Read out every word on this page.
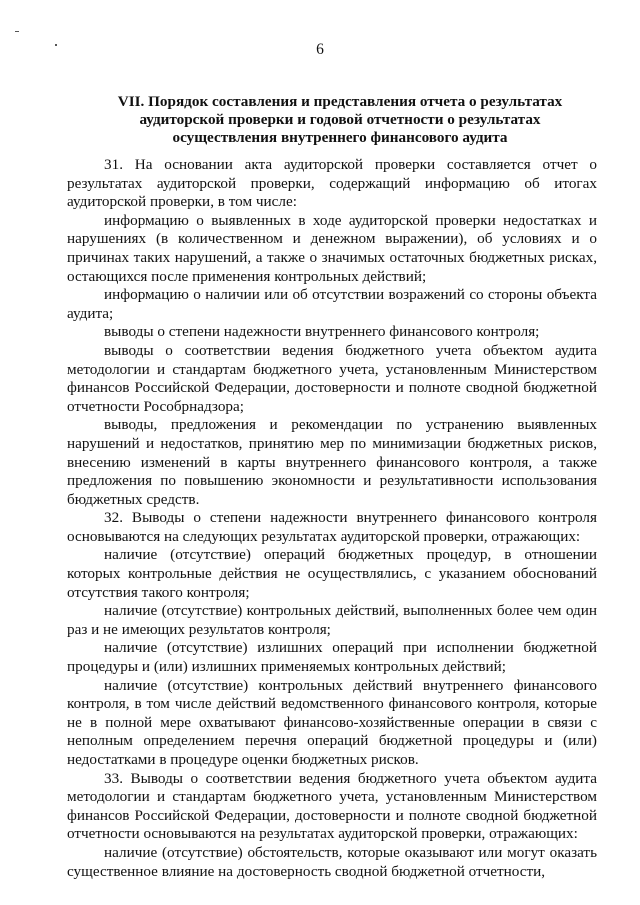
6
VII. Порядок составления и представления отчета о результатах
аудиторской проверки и годовой отчетности о результатах
осуществления внутреннего финансового аудита

31. На основании акта аудиторской проверки составляется отчет о результатах аудиторской проверки, содержащий информацию об итогах аудиторской проверки, в том числе:

информацию о выявленных в ходе аудиторской проверки недостатках и нарушениях (в количественном и денежном выражении), об условиях и о причинах таких нарушений, а также о значимых остаточных бюджетных рисках, остающихся после применения контрольных действий;

информацию о наличии или об отсутствии возражений со стороны объекта аудита;

выводы о степени надежности внутреннего финансового контроля;

выводы о соответствии ведения бюджетного учета объектом аудита методологии и стандартам бюджетного учета, установленным Министерством финансов Российской Федерации, достоверности и полноте сводной бюджетной отчетности Рособрнадзора;

выводы, предложения и рекомендации по устранению выявленных нарушений и недостатков, принятию мер по минимизации бюджетных рисков, внесению изменений в карты внутреннего финансового контроля, а также предложения по повышению экономности и результативности использования бюджетных средств.

32. Выводы о степени надежности внутреннего финансового контроля основываются на следующих результатах аудиторской проверки, отражающих:

наличие (отсутствие) операций бюджетных процедур, в отношении которых контрольные действия не осуществлялись, с указанием обоснований отсутствия такого контроля;

наличие (отсутствие) контрольных действий, выполненных более чем один раз и не имеющих результатов контроля;

наличие (отсутствие) излишних операций при исполнении бюджетной процедуры и (или) излишних применяемых контрольных действий;

наличие (отсутствие) контрольных действий внутреннего финансового контроля, в том числе действий ведомственного финансового контроля, которые не в полной мере охватывают финансово-хозяйственные операции в связи с неполным определением перечня операций бюджетной процедуры и (или) недостатками в процедуре оценки бюджетных рисков.

33. Выводы о соответствии ведения бюджетного учета объектом аудита методологии и стандартам бюджетного учета, установленным Министерством финансов Российской Федерации, достоверности и полноте сводной бюджетной отчетности основываются на результатах аудиторской проверки, отражающих:

наличие (отсутствие) обстоятельств, которые оказывают или могут оказать существенное влияние на достоверность сводной бюджетной отчетности,
